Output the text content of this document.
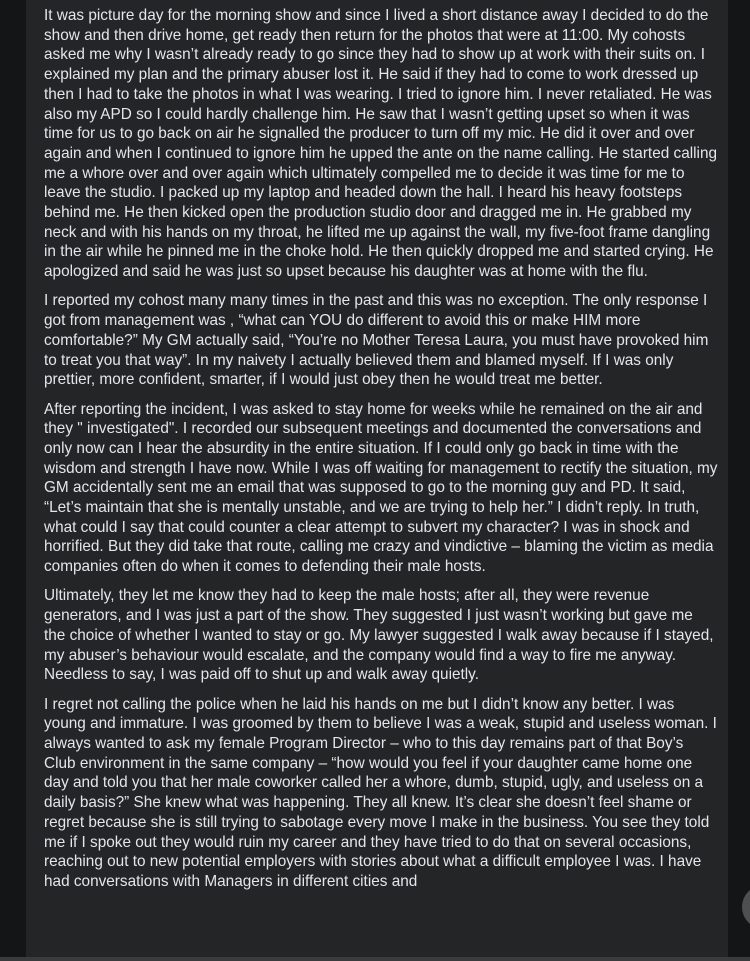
It was picture day for the morning show and since I lived a short distance away I decided to do the show and then drive home, get ready then return for the photos that were at 11:00. My cohosts asked me why I wasn’t already ready to go since they had to show up at work with their suits on. I explained my plan and the primary abuser lost it. He said if they had to come to work dressed up then I had to take the photos in what I was wearing. I tried to ignore him. I never retaliated. He was also my APD so I could hardly challenge him. He saw that I wasn’t getting upset so when it was time for us to go back on air he signalled the producer to turn off my mic. He did it over and over again and when I continued to ignore him he upped the ante on the name calling. He started calling me a whore over and over again which ultimately compelled me to decide it was time for me to leave the studio. I packed up my laptop and headed down the hall. I heard his heavy footsteps behind me. He then kicked open the production studio door and dragged me in. He grabbed my neck and with his hands on my throat, he lifted me up against the wall, my five-foot frame dangling in the air while he pinned me in the choke hold. He then quickly dropped me and started crying. He apologized and said he was just so upset because his daughter was at home with the flu.

I reported my cohost many many times in the past and this was no exception. The only response I got from management was , “what can YOU do different to avoid this or make HIM more comfortable?” My GM actually said, “You’re no Mother Teresa Laura, you must have provoked him to treat you that way”. In my naivety I actually believed them and blamed myself. If I was only prettier, more confident, smarter, if I would just obey then he would treat me better.

After reporting the incident, I was asked to stay home for weeks while he remained on the air and they " investigated". I recorded our subsequent meetings and documented the conversations and only now can I hear the absurdity in the entire situation. If I could only go back in time with the wisdom and strength I have now. While I was off waiting for management to rectify the situation, my GM accidentally sent me an email that was supposed to go to the morning guy and PD. It said, “Let’s maintain that she is mentally unstable, and we are trying to help her.” I didn’t reply. In truth, what could I say that could counter a clear attempt to subvert my character? I was in shock and horrified. But they did take that route, calling me crazy and vindictive – blaming the victim as media companies often do when it comes to defending their male hosts.

Ultimately, they let me know they had to keep the male hosts; after all, they were revenue generators, and I was just a part of the show. They suggested I just wasn’t working but gave me the choice of whether I wanted to stay or go. My lawyer suggested I walk away because if I stayed, my abuser’s behaviour would escalate, and the company would find a way to fire me anyway. Needless to say, I was paid off to shut up and walk away quietly.

I regret not calling the police when he laid his hands on me but I didn’t know any better. I was young and immature. I was groomed by them to believe I was a weak, stupid and useless woman. I always wanted to ask my female Program Director – who to this day remains part of that Boy’s Club environment in the same company – “how would you feel if your daughter came home one day and told you that her male coworker called her a whore, dumb, stupid, ugly, and useless on a daily basis?” She knew what was happening. They all knew. It’s clear she doesn’t feel shame or regret because she is still trying to sabotage every move I make in the business. You see they told me if I spoke out they would ruin my career and they have tried to do that on several occasions, reaching out to new potential employers with stories about what a difficult employee I was. I have had conversations with Managers in different cities and
